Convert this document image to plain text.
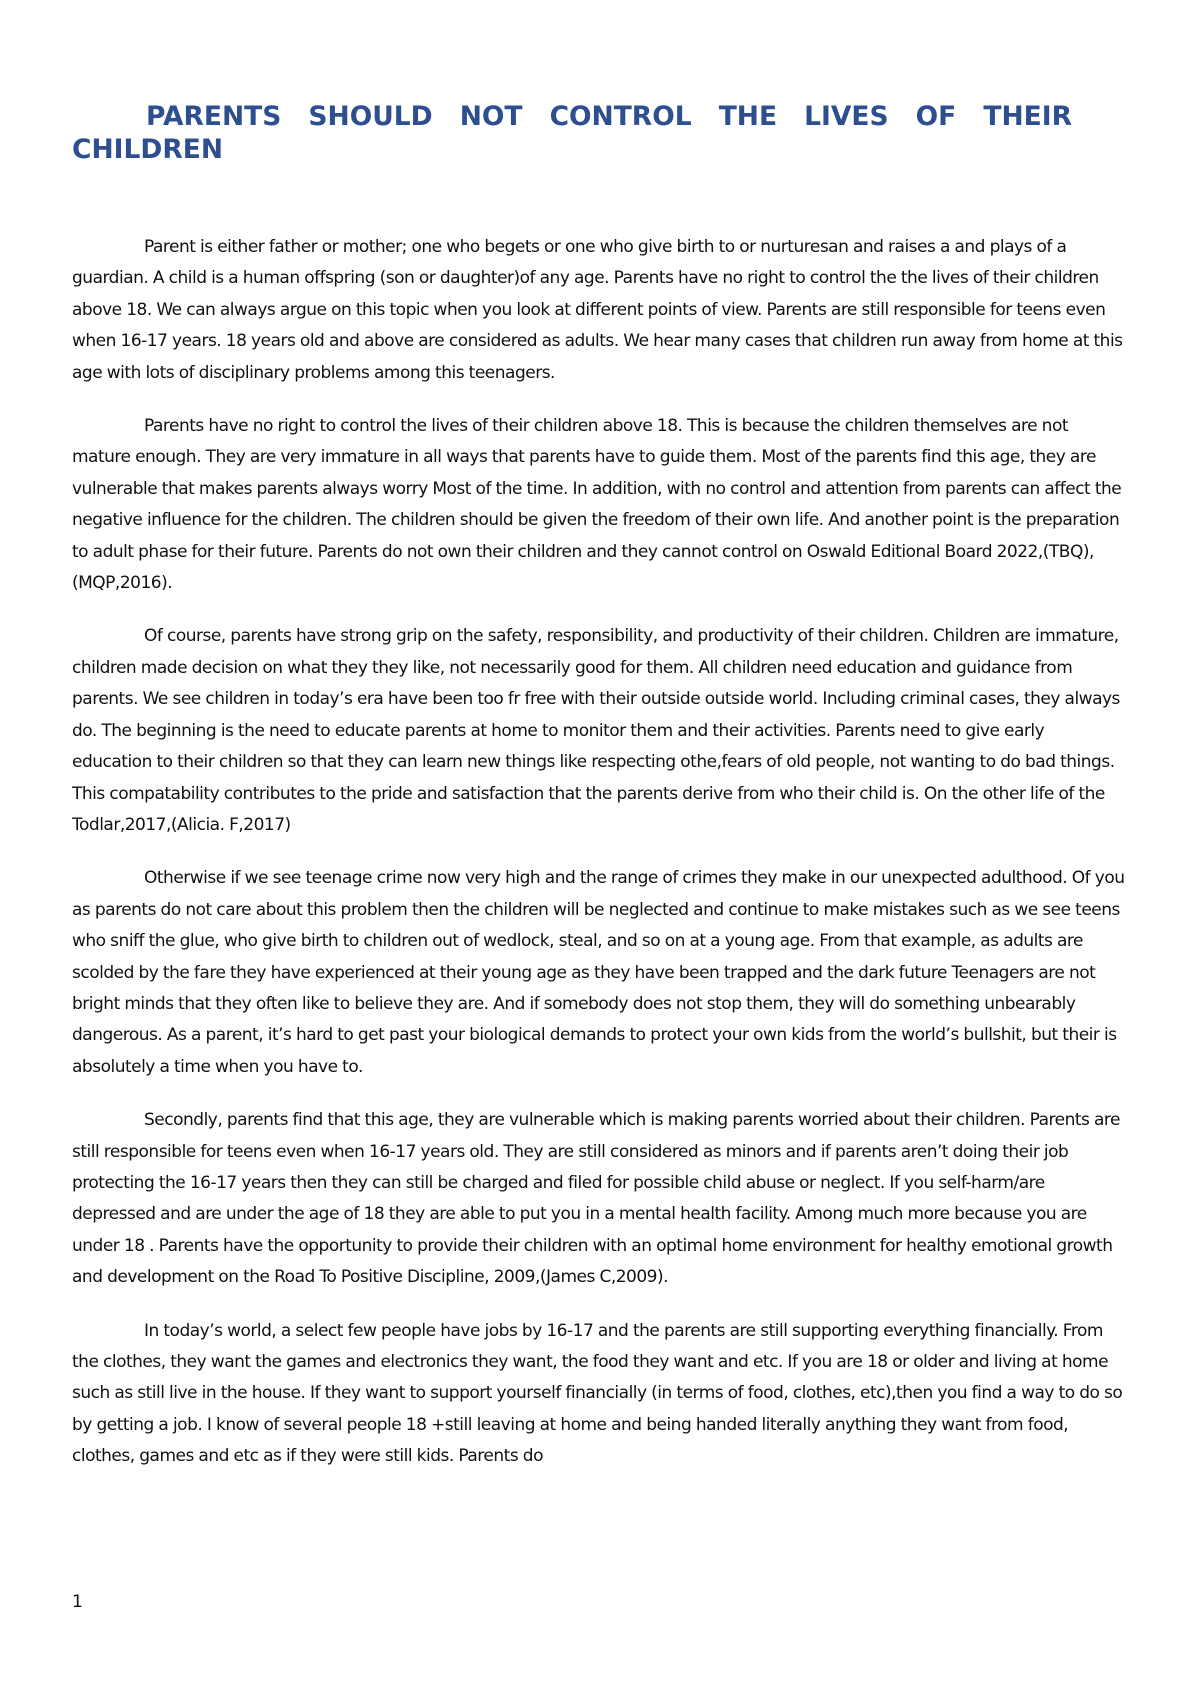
PARENTS SHOULD NOT CONTROL THE LIVES OF THEIR CHILDREN

Parent is either father or mother; one who begets or one who give birth to or nurturesan and raises a and plays of a guardian. A child is a human offspring (son or daughter)of any age. Parents have no right to control the the lives of their children above 18. We can always argue on this topic when you look at different points of view. Parents are still responsible for teens even when 16-17 years. 18 years old and above are considered as adults. We hear many cases that children run away from home at this age with lots of disciplinary problems among this teenagers.

Parents have no right to control the lives of their children above 18. This is because the children themselves are not mature enough. They are very immature in all ways that parents have to guide them. Most of the parents find this age, they are vulnerable that makes parents always worry Most of the time. In addition, with no control and attention from parents can affect the negative influence for the children. The children should be given the freedom of their own life. And another point is the preparation to adult phase for their future. Parents do not own their children and they cannot control on Oswald Editional Board 2022,(TBQ),(MQP,2016).

Of course, parents have strong grip on the safety, responsibility, and productivity of their children. Children are immature, children made decision on what they they like, not necessarily good for them. All children need education and guidance from parents. We see children in today’s era have been too fr free with their outside outside world. Including criminal cases, they always do. The beginning is the need to educate parents at home to monitor them and their activities. Parents need to give early education to their children so that they can learn new things like respecting othe,fears of old people, not wanting to do bad things. This compatability contributes to the pride and satisfaction that the parents derive from who their child is. On the other life of the Todlar,2017,(Alicia. F,2017)

Otherwise if we see teenage crime now very high and the range of crimes they make in our unexpected adulthood. Of you as parents do not care about this problem then the children will be neglected and continue to make mistakes such as we see teens who sniff the glue, who give birth to children out of wedlock, steal, and so on at a young age. From that example, as adults are scolded by the fare they have experienced at their young age as they have been trapped and the dark future Teenagers are not bright minds that they often like to believe they are. And if somebody does not stop them, they will do something unbearably dangerous. As a parent, it’s hard to get past your biological demands to protect your own kids from the world’s bullshit, but their is absolutely a time when you have to.

Secondly, parents find that this age, they are vulnerable which is making parents worried about their children. Parents are still responsible for teens even when 16-17 years old. They are still considered as minors and if parents aren’t doing their job protecting the 16-17 years then they can still be charged and filed for possible child abuse or neglect. If you self-harm/are depressed and are under the age of 18 they are able to put you in a mental health facility. Among much more because you are under 18 . Parents have the opportunity to provide their children with an optimal home environment for healthy emotional growth and development on the Road To Positive Discipline, 2009,(James C,2009).

In today’s world, a select few people have jobs by 16-17 and the parents are still supporting everything financially. From the clothes, they want the games and electronics they want, the food they want and etc. If you are 18 or older and living at home such as still live in the house. If they want to support yourself financially (in terms of food, clothes, etc),then you find a way to do so by getting a job. I know of several people 18 +still leaving at home and being handed literally anything they want from food, clothes, games and etc as if they were still kids. Parents do

1
